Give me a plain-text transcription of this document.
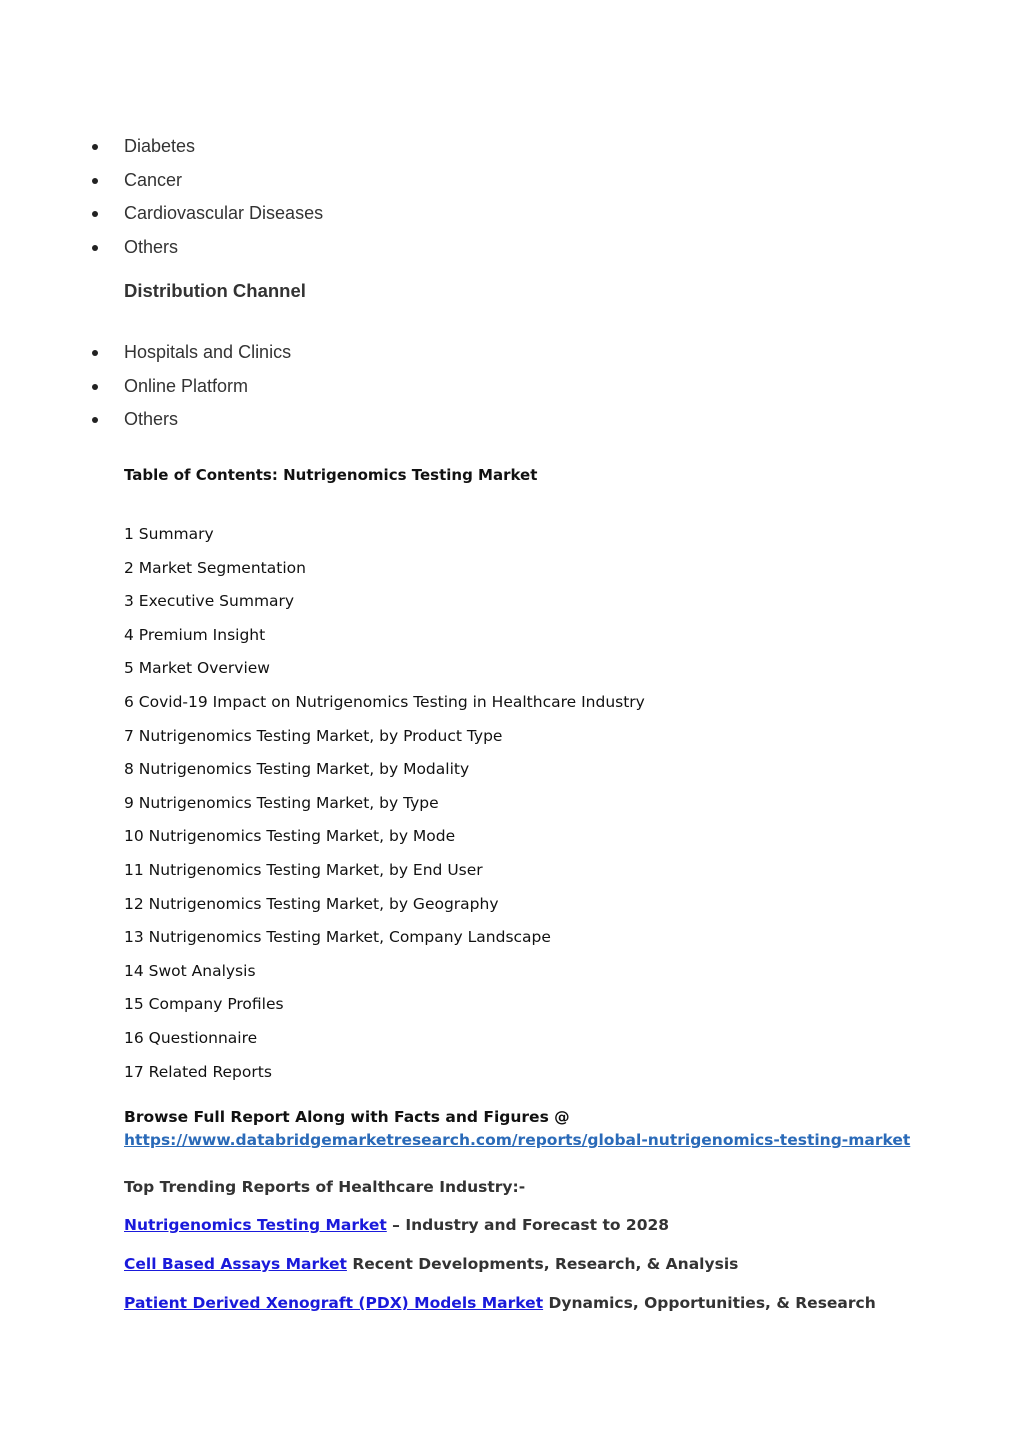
Diabetes
Cancer
Cardiovascular Diseases
Others
Distribution Channel
Hospitals and Clinics
Online Platform
Others
Table of Contents: Nutrigenomics Testing Market
1 Summary
2 Market Segmentation
3 Executive Summary
4 Premium Insight
5 Market Overview
6 Covid-19 Impact on Nutrigenomics Testing in Healthcare Industry
7 Nutrigenomics Testing Market, by Product Type
8 Nutrigenomics Testing Market, by Modality
9 Nutrigenomics Testing Market, by Type
10 Nutrigenomics Testing Market, by Mode
11 Nutrigenomics Testing Market, by End User
12 Nutrigenomics Testing Market, by Geography
13 Nutrigenomics Testing Market, Company Landscape
14 Swot Analysis
15 Company Profiles
16 Questionnaire
17 Related Reports
Browse Full Report Along with Facts and Figures @
https://www.databridgemarketresearch.com/reports/global-nutrigenomics-testing-market
Top Trending Reports of Healthcare Industry:-
Nutrigenomics Testing Market – Industry and Forecast to 2028
Cell Based Assays Market Recent Developments, Research, & Analysis
Patient Derived Xenograft (PDX) Models Market Dynamics, Opportunities, & Research
